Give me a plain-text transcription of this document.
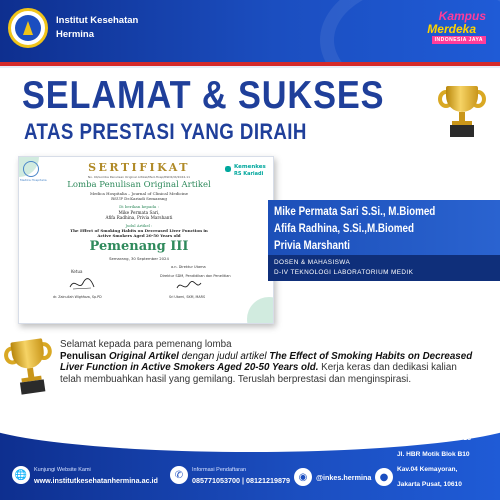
Institut Kesehatan
Hermina
Kampus
Merdeka
INDONESIA JAYA
SELAMAT & SUKSES
ATAS PRESTASI YANG DIRAIH
Medika Hospitalia
Kemenkes
RS Kariadi
SERTIFIKAT
No. 04/Lomba Penulisan Original Artikel/Med-Hosp/RSDK/IX/2024-11
Lomba Penulisan Original Artikel
Medica Hospitalia – Journal of Clinical Medicine
RSUP Dr.Kariadi Semarang
Di berikan kepada :
Mike Permata Sari,
Afifa Radhina, Privia Marshanti
Judul Artikel :
The Effect of Smoking Habits on Decreased Liver Function in
Active Smokers Aged 20-50 Years old
Pemenang III
Semarang, 30 September 2024
Ketua
dr. Zainullah Wighfaza, Sp.PD
a.n. Direktur Utama
Direktur SDM, Pendidikan dan Penelitian
Sri Utami, SKM, MARS
Mike Permata Sari S.Si., M.Biomed
Afifa Radhina, S.Si.,M.Biomed
Privia Marshanti
DOSEN & MAHASISWA
D-IV TEKNOLOGI LABORATORIUM MEDIK
Selamat kepada para pemenang lomba
Penulisan Original Artikel dengan judul artikel The Effect of Smoking Habits on Decreased Liver Function in Active Smokers Aged 20-50 Years old. Kerja keras dan dedikasi kalian telah membuahkan hasil yang gemilang. Teruslah berprestasi dan menginspirasi.
🌐	Kunjungi Website Kami
www.institutkesehatanhermina.ac.id	✆	Informasi Pendaftaran
085771053700 | 08121219879 ◉	@inkes.hermina ●
Hermina Tower Lt.17-18
Jl. HBR Motik Blok B10
Kav.04 Kemayoran,
Jakarta Pusat, 10610
